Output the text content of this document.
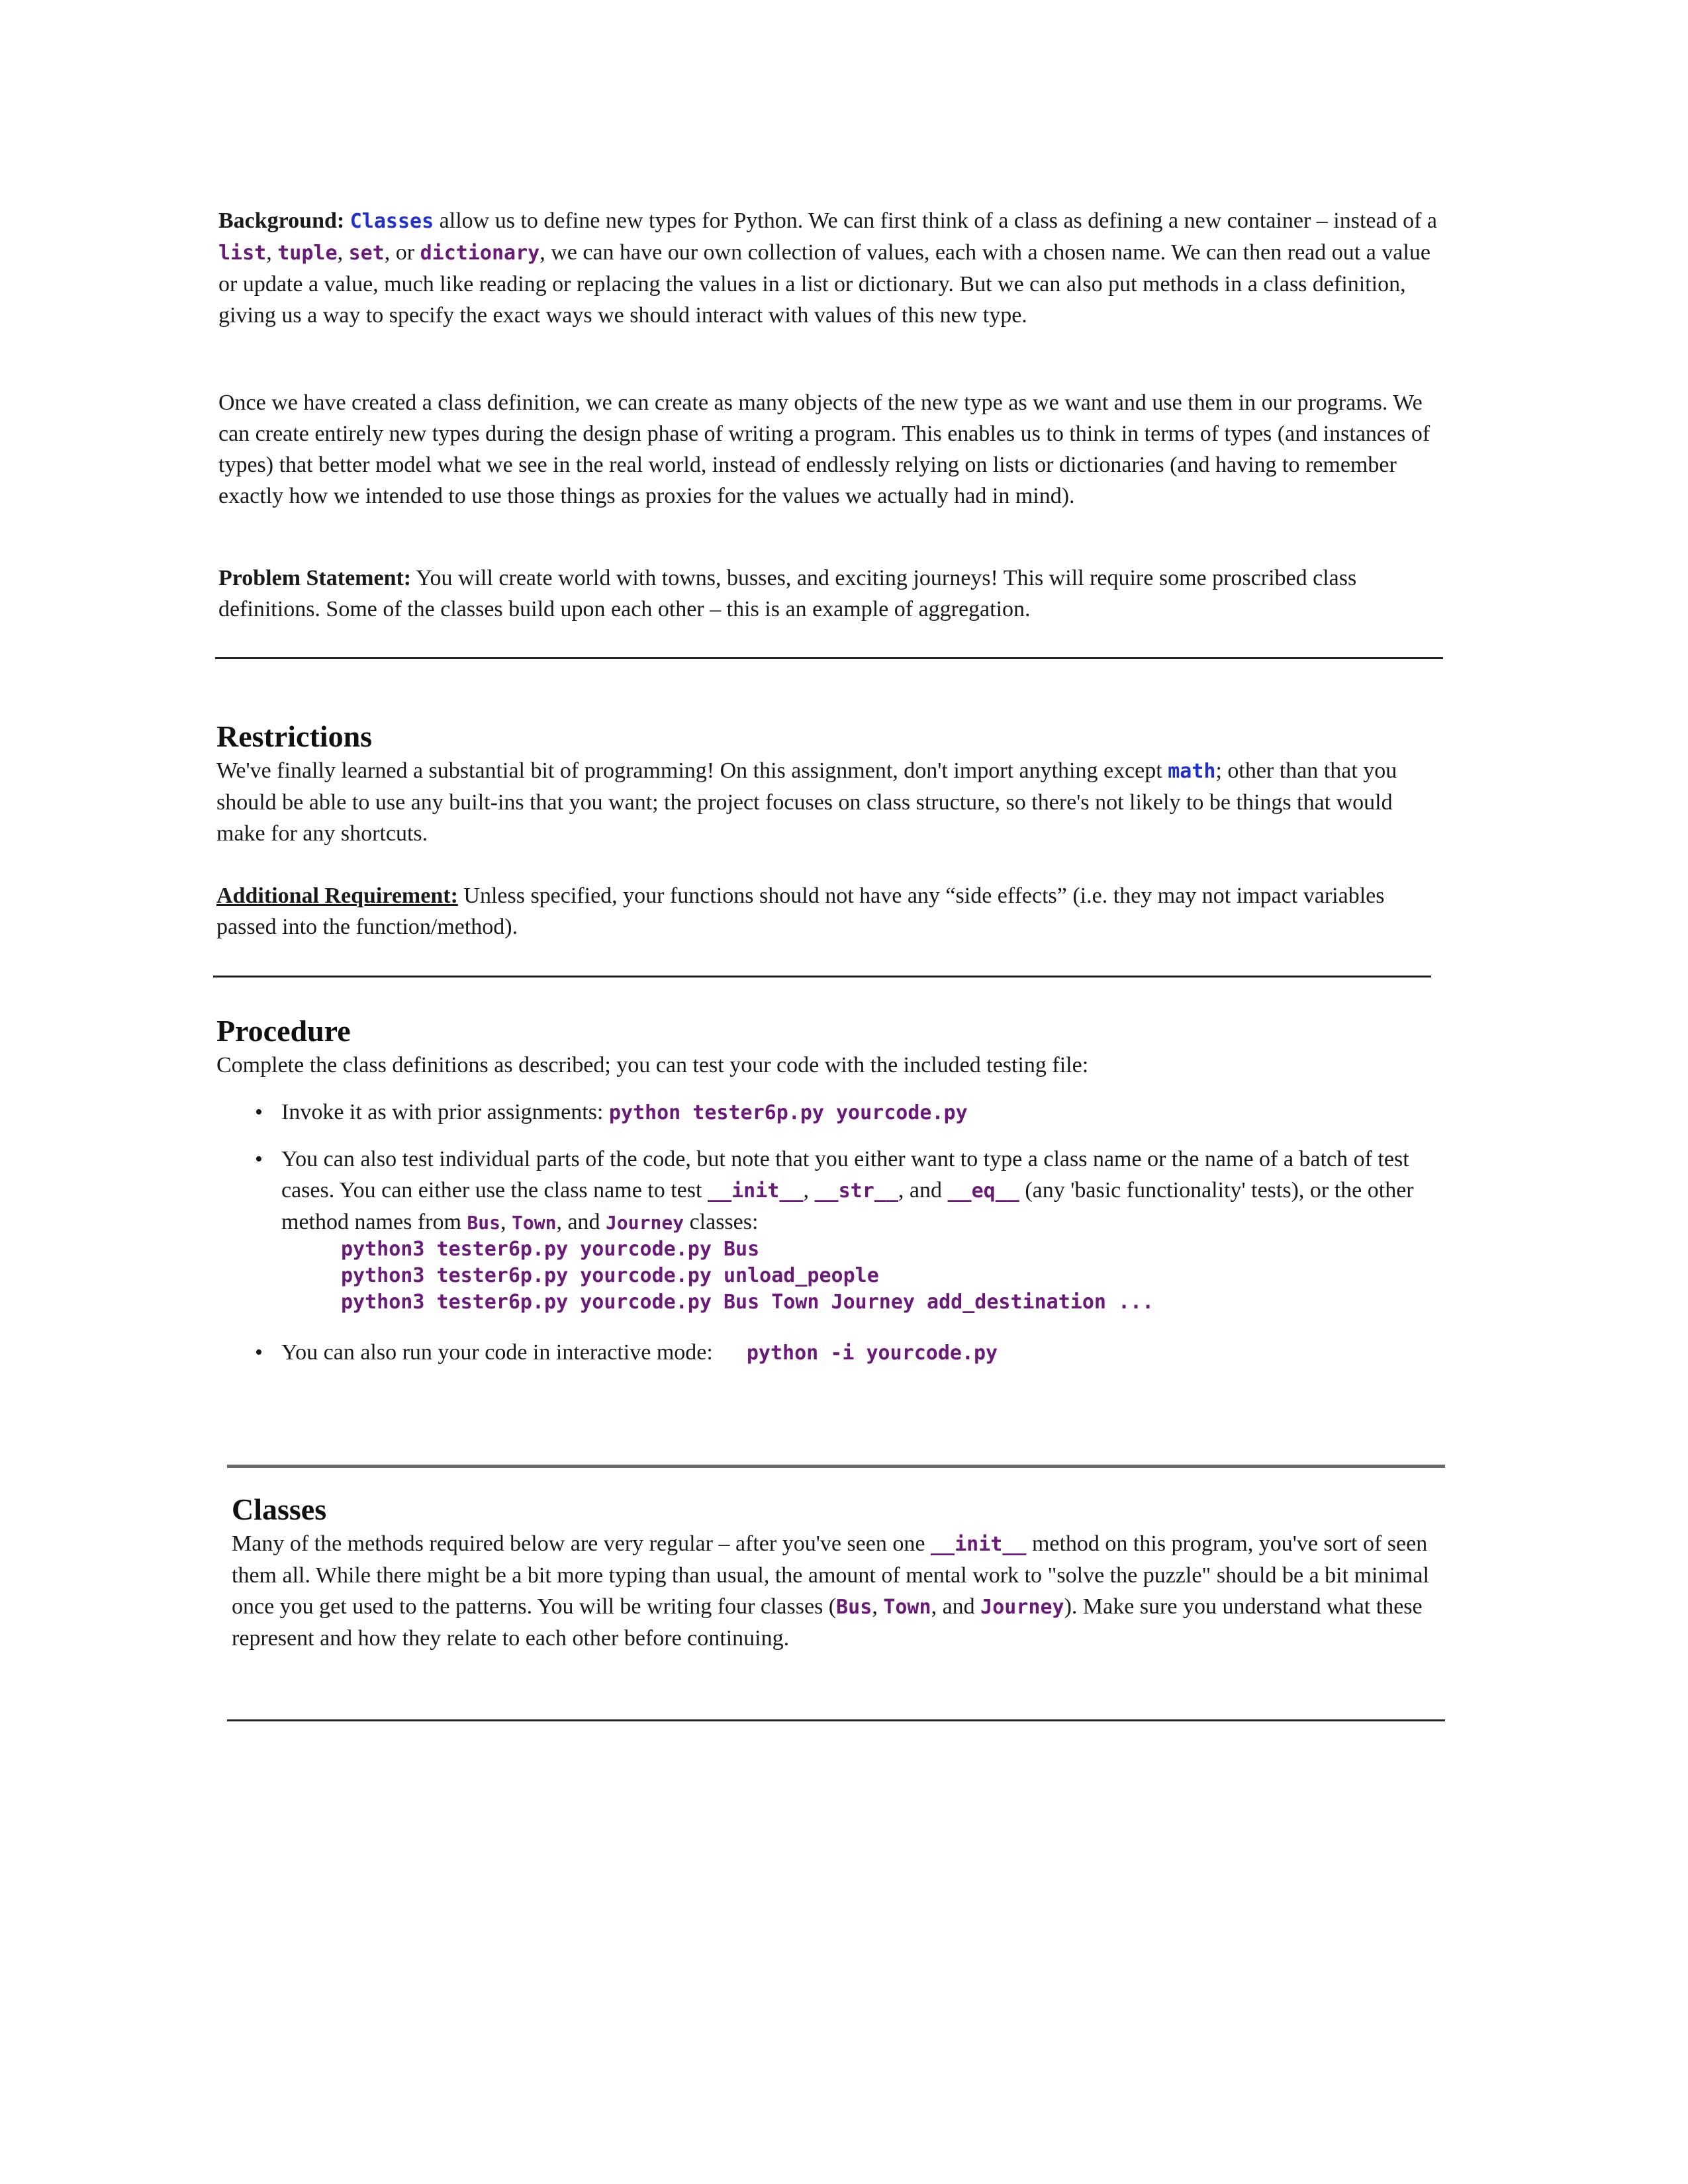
Background: Classes allow us to define new types for Python. We can first think of a class as defining a new container – instead of a list, tuple, set, or dictionary, we can have our own collection of values, each with a chosen name. We can then read out a value or update a value, much like reading or replacing the values in a list or dictionary. But we can also put methods in a class definition, giving us a way to specify the exact ways we should interact with values of this new type.

Once we have created a class definition, we can create as many objects of the new type as we want and use them in our programs. We can create entirely new types during the design phase of writing a program. This enables us to think in terms of types (and instances of types) that better model what we see in the real world, instead of endlessly relying on lists or dictionaries (and having to remember exactly how we intended to use those things as proxies for the values we actually had in mind).

Problem Statement: You will create world with towns, busses, and exciting journeys! This will require some proscribed class definitions. Some of the classes build upon each other – this is an example of aggregation.

Restrictions

We've finally learned a substantial bit of programming! On this assignment, don't import anything except math; other than that you should be able to use any built-ins that you want; the project focuses on class structure, so there's not likely to be things that would make for any shortcuts.

Additional Requirement: Unless specified, your functions should not have any “side effects” (i.e. they may not impact variables passed into the function/method).

Procedure

Complete the class definitions as described; you can test your code with the included testing file:

• Invoke it as with prior assignments: python tester6p.py yourcode.py
• You can also test individual parts of the code, but note that you either want to type a class name or the name of a batch of test cases. You can either use the class name to test __init__, __str__, and __eq__ (any 'basic functionality' tests), or the other method names from Bus, Town, and Journey classes:
python3 tester6p.py yourcode.py Bus
python3 tester6p.py yourcode.py unload_people
python3 tester6p.py yourcode.py Bus Town Journey add_destination ...
• You can also run your code in interactive mode:      python -i yourcode.py
Classes

Many of the methods required below are very regular – after you've seen one __init__ method on this program, you've sort of seen them all. While there might be a bit more typing than usual, the amount of mental work to "solve the puzzle" should be a bit minimal once you get used to the patterns. You will be writing four classes (Bus, Town, and Journey). Make sure you understand what these represent and how they relate to each other before continuing.
